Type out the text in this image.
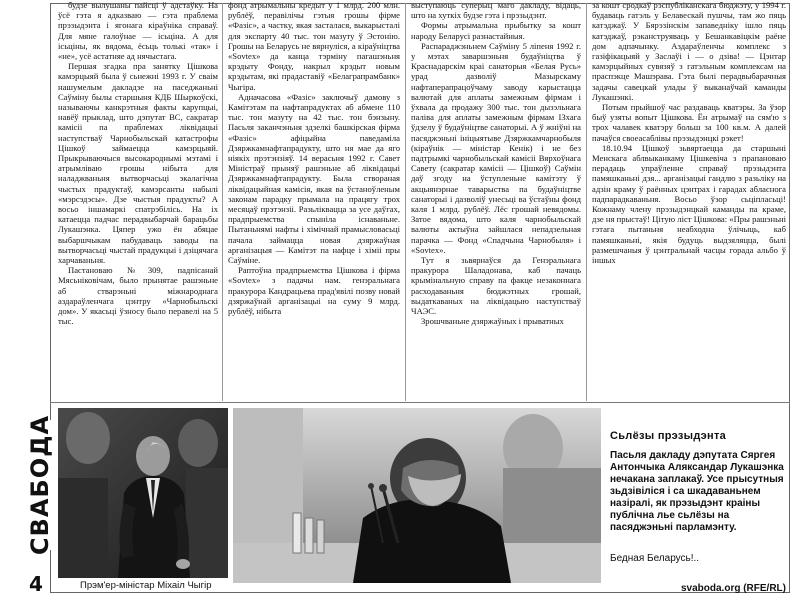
будзе вылушаны пайсці ў адстаўку. На ўсё гэта я адказваю — гэта праблема прэзыдэнта і ягонага кіраўніка справаў. Для мяне галоўнае — ісьціна. А для ісьціны, як вядома, ёсьць толькі «так» і «не», усё астатняе ад нячыстага.

Першая згадка пра занятку Цішкова камэрцыяй была ў сьнежні 1993 г. У сваім нашумелым дакладзе на паседжаньні Саўміну былы старшыня КДБ Шыркоўскі, называючы канкрэтныя факты карупцыі, навёў прыклад, што дэпутат ВС, сакратар камісіі па праблемах ліквідацыі наступстваў Чарнобыльскай катастрофы Цішкоў займаецца камэрцыяй. Прыкрываючыся высокароднымі мэтамі і атрымліваю грошы нібыта для наладжваньня вытворчасьці экалагічна чыстых прадуктаў, камэрсанты набылі «мэрсэдэсы». Дзе чыстыя прадукты? А восьо іншамаркі спатрэбілісь. На іх катаецца падчас перадвыбарчай барацьбы Лукашэнка. Цяпер ужо ён абяцае выбаршчыкам пабудаваць заводы па вытворчасьці чыстай прадукцыі і дзіцячага харчаваньня.

Пастановаю №309, падпісанай Мясьніковічам, было прынятае рашэньне аб стварэньні міжнароднага аздараўленчага цэнтру «Чарнобыльскі дом». У якасьці ўзносу было перавелі на 5 тыс.

фонд атрымальны кредыт у 1 млрд. 200 млн. рублёў, перавілічы гэтыя грошы фірме «Фазіс», а частку, якая засталася, выкарысталі для экспарту 40 тыс. тон мазуту ў Эстонію. Грошы на Беларусь не вярнуліся, а кіраўніцтва «Sovtex» да канца тэрміну пагашэньня крэдыту Фонду, накрыл крэдыт новым крэдытам, які прадаставіў «Белаграпрамбанк» Чыгіра.

Адначасова «Фазіс» заключыў дамову з Камітэтам па нафтапрадуктах аб абмене 110 тыс. тон мазуту на 42 тыс. тон бэнзыну. Пасьля заканчэньня здзелкі башкірская фірма «Фазіс» афіцыйна паведаміла Дзяржкамнафтапрадукту, што ня мае да яго ніякіх прэтэнзіяў. 14 верасьня 1992 г. Савет Міністраў прыняў рашэньне аб ліквідацыі Дзяржкамнафтапрадукту. Была створаная ліквідацыйная камісія, якая ва ўстаноўленым законам парадку прымала на працягу трох месяцаў прэтэнзіі. Разьліквацца за усе даўгах, прадпрыемства спыніла існаваньне. Пытаньнямі нафты і хімічнай прамысловасьці пачала займацца новая дзяржаўная арганізацыя — Камітэт па нафце і хіміі пры Саўміне.

Раптоўна прадпрыемства Цішкова і фірма «Sovtex» з падачы нам. генэральнага пракурора Кандрацьева прад'явілі позву новай дзяржаўнай арганізацыі на суму 9 млрд. рублёў, нібыта

выступаюць суперыц маго дакладу, відаць, што на хуткіх будзе гэта і прэзыдэнт.

Формы атрымальна прыбытку за кошт народу Беларусі разнастайныя.

Распараджэньнем Саўміну 5 ліпеня 1992 г. у мэтах заваршэньня будаўніцтва ў Краснадарскім краі санаторыя «Белая Русь» урад дазволіў Мазырскаму нафтаперапрацоўчаму заводу карыстацца валютай для аплаты замежным фірмам і ўхвала да продажу 300 тыс. тон дызэльнага паліва для аплаты замежным фірмам ІЗхага ўдзелу ў будаўніцтве санаторыі. А ў жніўні на пасяджэньні ініцыятыве Дзяржкамчарнобыля (кіраўнік — міністар Кенік) і не без падтрымкі чарнобыльскай камісіі Вярхоўнага Савету (сакратар камісіі — Цішкоў) Саўмін даў згоду на ўступленьне камітэту ў акцыянэрнае таварыства па будаўніцтве санаторыі і дазволіў унесьці ва ўстаўны фонд каля 1 млрд. рублёў. Лёс грошай невядомы. Затое вядома, што каля чарнобыльскай валюты актыўна зайшлася непадзельная парачка — Фонд «Спадчына Чарнобыля» і «Sovtex».

Тут я зьвярнаўся да Генэральнага пракурора Шаладонава, каб пачаць крымінальную справу па факце незаконнага расходаваньня бюджэтных грошай, выдаткаваных на ліквідацыю наступстваў ЧАЭС.

Зрошчваньне дзяржаўных і прыватных

за кошт сродкаў рэспубліканскага бюджэту, у 1994 г. будаваць гатэль у Белавескай пушчы, там жо пяць катэджаў. У Бярэзінскім запаведніку ішло пяць катэджаў, рэканструяваць у Бешанкавіцкім раёне дом адпачынку. Аздараўленчы комплекс з газіфікацыяй у Заслаўі і — о дзіва! — Цэнтар камэрцыйных сувязяў з гатэльным комплексам на праспэкце Машэрава. Гэта былі перадвыбарачныя задачы савецкай улады ў выканаўчай каманды Лукашэнкі.

Потым прыйшоў час раздаваць кватэры. За ўзор быў узяты вопыт Цішкова. Ён атрымаў на сям'ю з трох чалавек кватэру больш за 100 кв.м. А далей пачаўся своеасаблівы прэзыдэнцкі рэкет!

18.10.94 Цішкоў зьвяртаецца да старшыні Менскага аблвыканкаму Цішкевіча з прапановаю перадаць упраўленне справаў прэзыдэнта памяшканьні дзя... арганізацыі гандлю з разьліку на адзін краму ў раённых цэнтрах і гарадах абласнога падпарадкаваньня. Восьо ўзор сьціпласьці! Кожнаму члену прэзыдэнцкай каманды па краме, дзе ня прыстаў! Цітую ліст Цішкова: «Пры рашэньні гэтага пытаньня неабходна ўлічыць, каб памяшканьні, якія будуць выдзяляцца, былі размешчаныя ў цэнтральнай часцы горада альбо ў іншых

Прэм'ер-міністар Міхаіл Чыгір
Сьлёзы прэзыдэнта
Пасьля дакладу дэпутата Сяргея Антончыка Аляксандар Лукашэнка нечакана заплакаў. Усе прысутныя зьдзівіліся і са шкадаваньнем назіралі, як прэзыдэнт краіны публічна лье сьлёзы на пасяджэньні парламэнту.
Бедная Беларусь!..
СВАБОДА
4	svaboda.org (RFE/RL)
